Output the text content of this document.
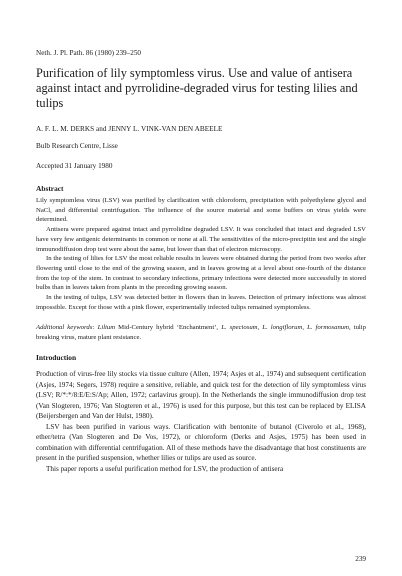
Neth. J. Pl. Path. 86 (1980) 239–250
Purification of lily symptomless virus. Use and value of antisera against intact and pyrrolidine-degraded virus for testing lilies and tulips
A. F. L. M. DERKS and JENNY L. VINK-VAN DEN ABEELE
Bulb Research Centre, Lisse
Accepted 31 January 1980
Abstract

Lily symptomless virus (LSV) was purified by clarification with chloroform, precipitation with polyethylene glycol and NaCl, and differential centrifugation. The influence of the source material and some buffers on virus yields were determined.

Antisera were prepared against intact and pyrrolidine degraded LSV. It was concluded that intact and degraded LSV have very few antigenic determinants in common or none at all. The sensitivities of the micro-precipitin test and the single immunodiffusion drop test were about the same, but lower than that of electron microscopy.

In the testing of lilies for LSV the most reliable results in leaves were obtained during the period from two weeks after flowering until close to the end of the growing season, and in leaves growing at a level about one-fourth of the distance from the top of the stem. In contrast to secondary infections, primary infections were detected more successfully in stored bulbs than in leaves taken from plants in the preceding growing season.

In the testing of tulips, LSV was detected better in flowers than in leaves. Detection of primary infections was almost impossible. Except for those with a pink flower, experimentally infected tulips remained symptomless.

Additional keywords: Lilium Mid-Century hybrid ‘Enchantment’, L. speciosum, L. longiflorum, L. formosanum, tulip breaking virus, mature plant resistance.
Introduction

Production of virus-free lily stocks via tissue culture (Allen, 1974; Asjes et al., 1974) and subsequent certification (Asjes, 1974; Segers, 1978) require a sensitive, reliable, and quick test for the detection of lily symptomless virus (LSV; R/*:*/8:E/E:S/Ap; Allen, 1972; carlavirus group). In the Netherlands the single immunodiffusion drop test (Van Slogteren, 1976; Van Slogteren et al., 1976) is used for this purpose, but this test can be replaced by ELISA (Beijersbergen and Van der Hulst, 1980).

LSV has been purified in various ways. Clarification with bentonite of butanol (Civerolo et al., 1968), ether/tetra (Van Slogteren and De Vos, 1972), or chloroform (Derks and Asjes, 1975) has been used in combination with differential centrifugation. All of these methods have the disadvantage that host constituents are present in the purified suspension, whether lilies or tulips are used as source.

This paper reports a useful purification method for LSV, the production of antisera

239
